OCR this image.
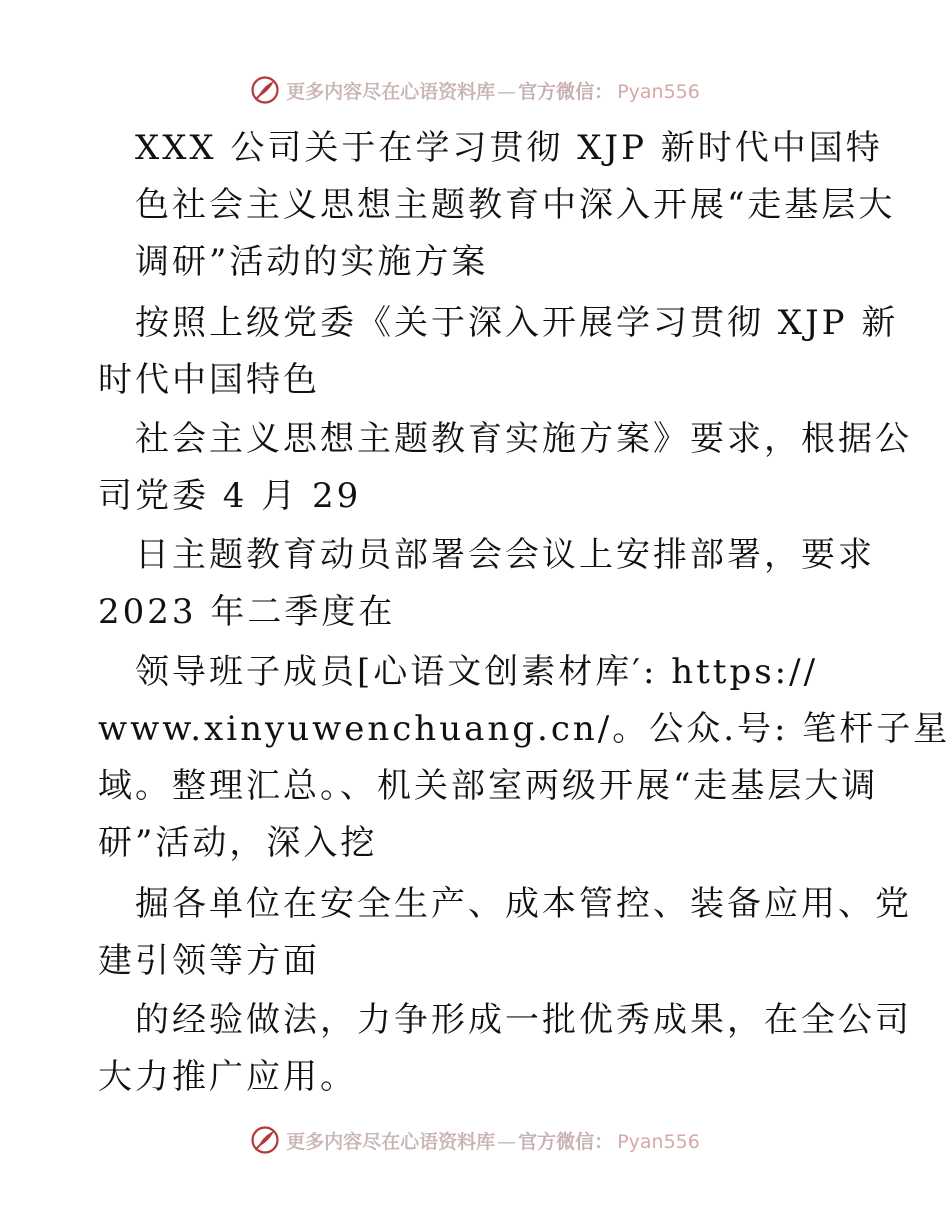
更多内容尽在心语资料库 — 官方微信： Pyan556
XXX 公司关于在学习贯彻 XJP 新时代中国特
色社会主义思想主题教育中深入开展“走基层大
调研”活动的实施方案
按照上级党委《关于深入开展学习贯彻 XJP 新
时代中国特色
社会主义思想主题教育实施方案》要求，根据公
司党委 4 月 29
日主题教育动员部署会会议上安排部署，要求
2023 年二季度在
领导班子成员[心语文创素材库′: https://
www.xinyuwenchuang.cn/。公众.号: 笔杆子星
域。整理汇总。、机关部室两级开展“走基层大调
研”活动，深入挖
掘各单位在安全生产、成本管控、装备应用、党
建引领等方面
的经验做法，力争形成一批优秀成果，在全公司
大力推广应用。
更多内容尽在心语资料库 — 官方微信： Pyan556
